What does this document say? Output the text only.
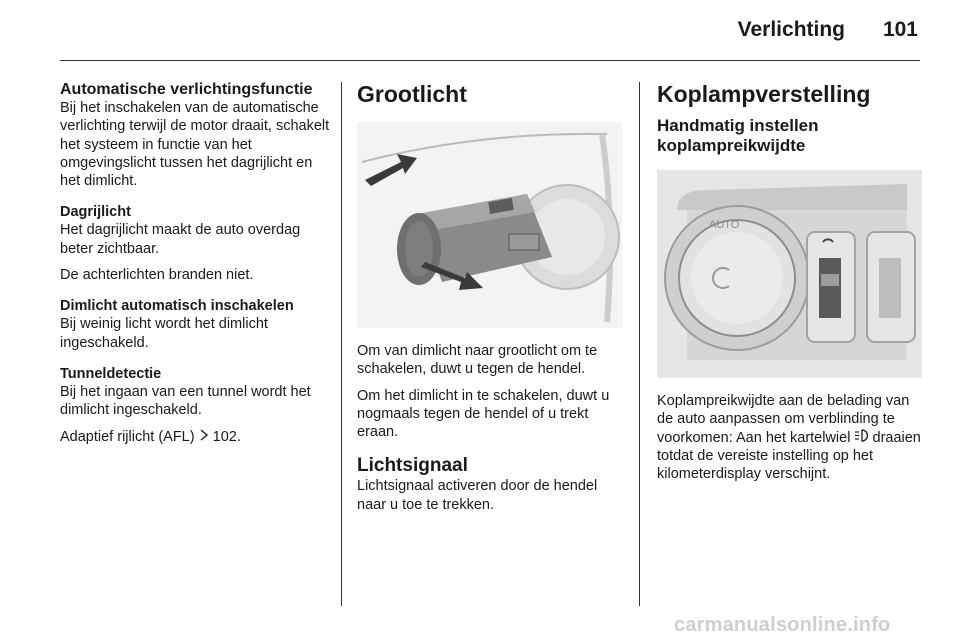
Verlichting	101
Automatische verlichtingsfunctie

Bij het inschakelen van de automatische verlichting terwijl de motor draait, schakelt het systeem in functie van het omgevingslicht tussen het dagrijlicht en het dimlicht.

Dagrijlicht

Het dagrijlicht maakt de auto overdag beter zichtbaar.

De achterlichten branden niet.

Dimlicht automatisch inschakelen

Bij weinig licht wordt het dimlicht ingeschakeld.

Tunneldetectie

Bij het ingaan van een tunnel wordt het dimlicht ingeschakeld.

Adaptief rijlicht (AFL) 102.

Grootlicht

Om van dimlicht naar grootlicht om te schakelen, duwt u tegen de hendel.

Om het dimlicht in te schakelen, duwt u nogmaals tegen de hendel of u trekt eraan.

Lichtsignaal

Lichtsignaal activeren door de hendel naar u toe te trekken.

Koplampverstelling
Handmatig instellen koplampreikwijdte
AUTO

Koplampreikwijdte aan de belading van de auto aanpassen om verblinding te voorkomen: Aan het kartelwiel draaien totdat de vereiste instelling op het kilometerdisplay verschijnt.

carmanualsonline.info
